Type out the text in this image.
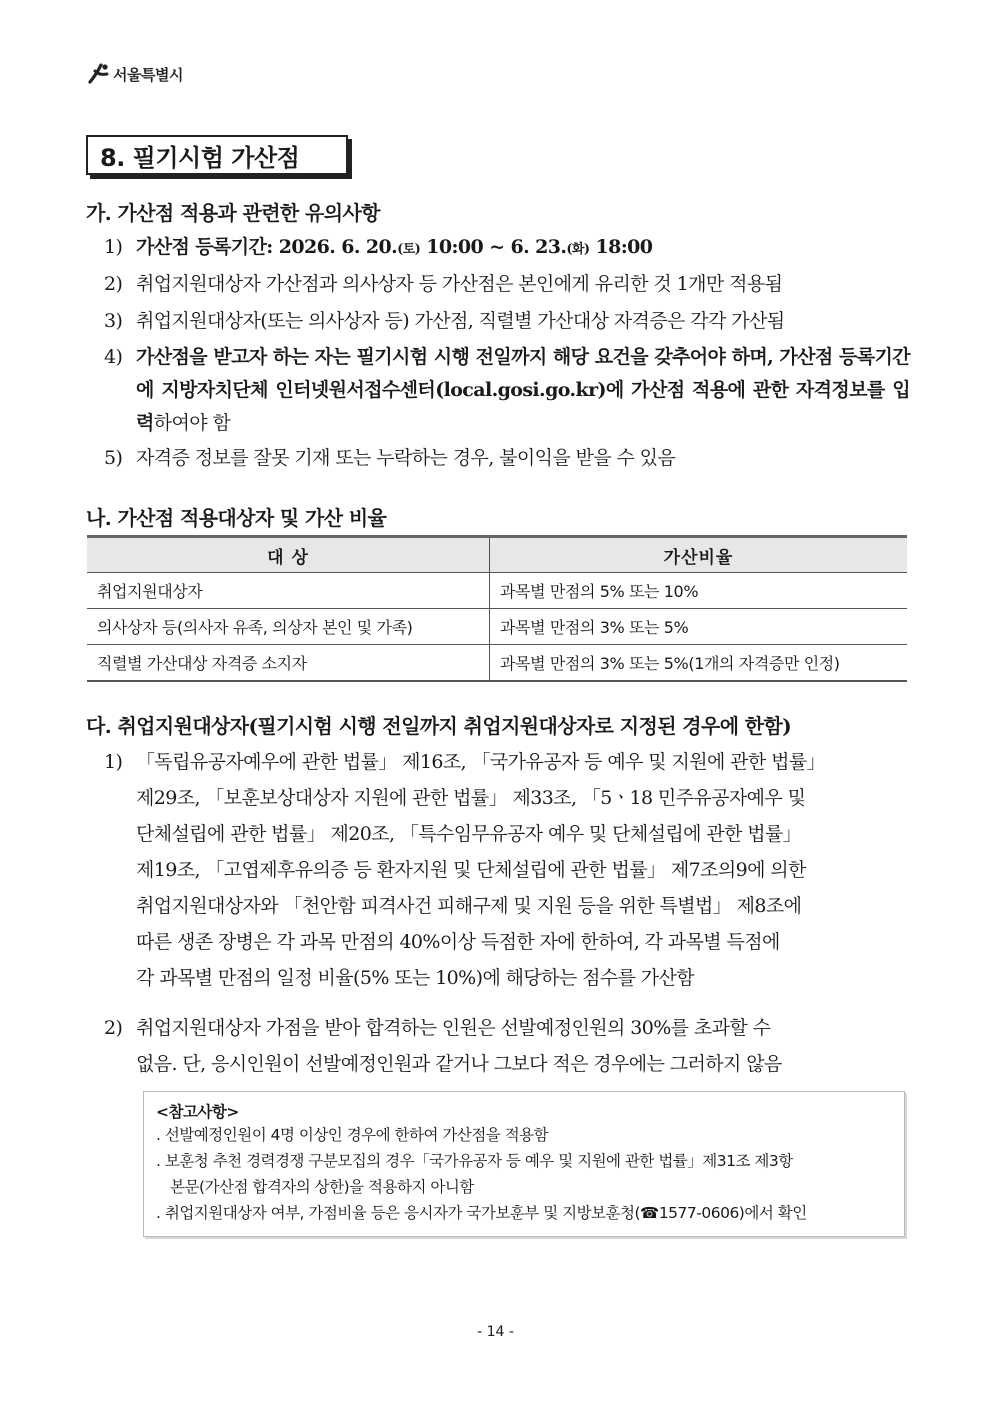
서울특별시
8. 필기시험 가산점
가. 가산점 적용과 관련한 유의사항
1) 가산점 등록기간: 2026. 6. 20.(토) 10:00 ~ 6. 23.(화) 18:00
2) 취업지원대상자 가산점과 의사상자 등 가산점은 본인에게 유리한 것 1개만 적용됨
3) 취업지원대상자(또는 의사상자 등) 가산점, 직렬별 가산대상 자격증은 각각 가산됨
4) 가산점을 받고자 하는 자는 필기시험 시행 전일까지 해당 요건을 갖추어야 하며, 가산점 등록기간에 지방자치단체 인터넷원서접수센터(local.gosi.go.kr)에 가산점 적용에 관한 자격정보를 입력하여야 함
5) 자격증 정보를 잘못 기재 또는 누락하는 경우, 불이익을 받을 수 있음
나. 가산점 적용대상자 및 가산 비율
대 상	가산비율
취업지원대상자	과목별 만점의 5% 또는 10%
의사상자 등(의사자 유족, 의상자 본인 및 가족)	과목별 만점의 3% 또는 5%
직렬별 가산대상 자격증 소지자	과목별 만점의 3% 또는 5%(1개의 자격증만 인정)
다. 취업지원대상자(필기시험 시행 전일까지 취업지원대상자로 지정된 경우에 한함)
1) 「독립유공자예우에 관한 법률」 제16조, 「국가유공자 등 예우 및 지원에 관한 법률」
제29조, 「보훈보상대상자 지원에 관한 법률」 제33조, 「5ㆍ18 민주유공자예우 및
단체설립에 관한 법률」 제20조, 「특수임무유공자 예우 및 단체설립에 관한 법률」
제19조, 「고엽제후유의증 등 환자지원 및 단체설립에 관한 법률」 제7조의9에 의한
취업지원대상자와 「천안함 피격사건 피해구제 및 지원 등을 위한 특별법」 제8조에
따른 생존 장병은 각 과목 만점의 40%이상 득점한 자에 한하여, 각 과목별 득점에
각 과목별 만점의 일정 비율(5% 또는 10%)에 해당하는 점수를 가산함
2) 취업지원대상자 가점을 받아 합격하는 인원은 선발예정인원의 30%를 초과할 수
없음. 단, 응시인원이 선발예정인원과 같거나 그보다 적은 경우에는 그러하지 않음
<참고사항>
. 선발예정인원이 4명 이상인 경우에 한하여 가산점을 적용함
. 보훈청 추천 경력경쟁 구분모집의 경우「국가유공자 등 예우 및 지원에 관한 법률」제31조 제3항
본문(가산점 합격자의 상한)을 적용하지 아니함
. 취업지원대상자 여부, 가점비율 등은 응시자가 국가보훈부 및 지방보훈청(☎1577-0606)에서 확인
- 14 -
